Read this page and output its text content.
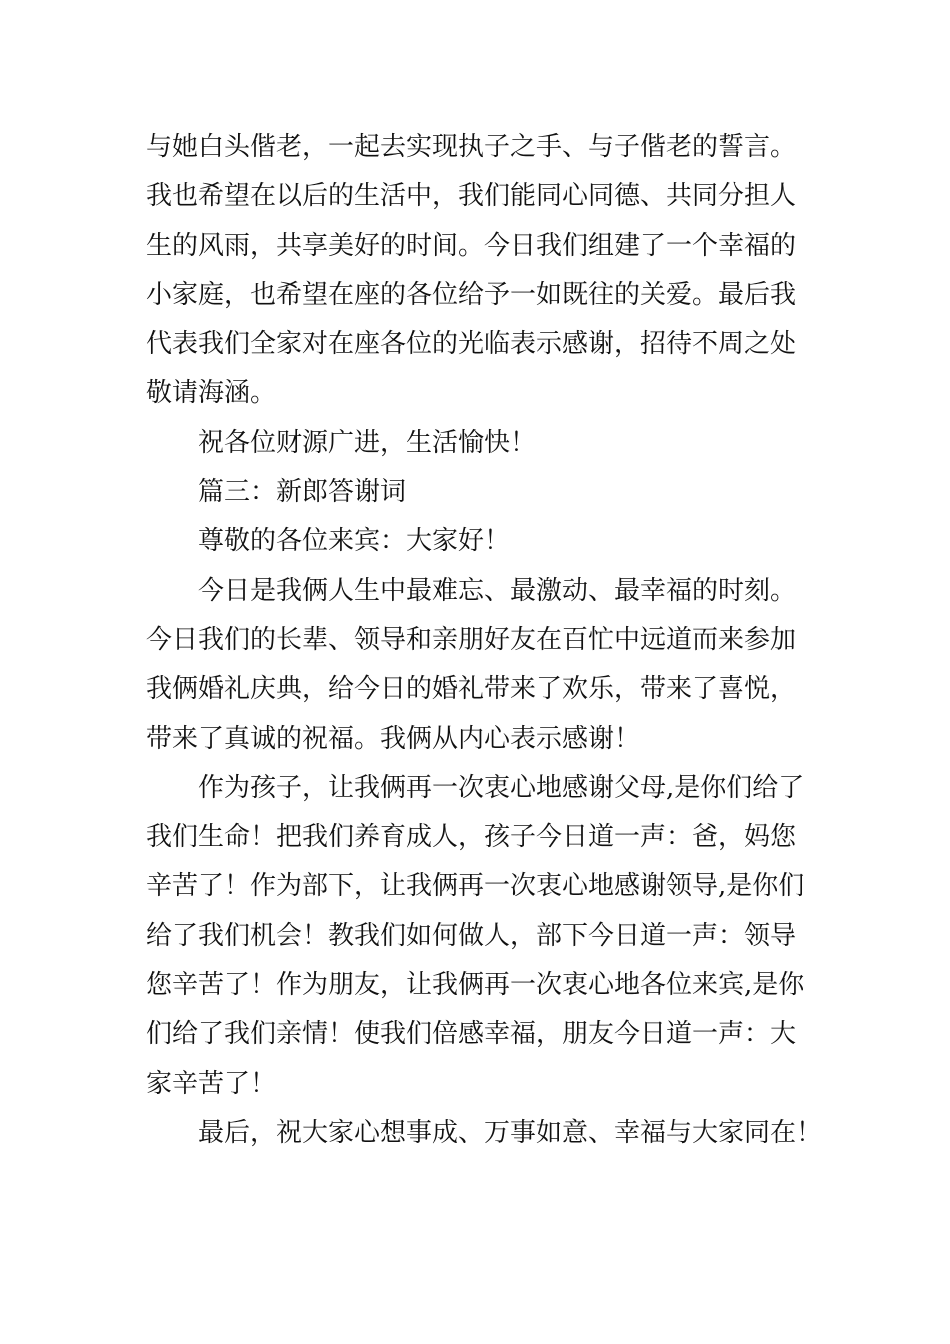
与她白头偕老，一起去实现执子之手、与子偕老的誓言。
我也希望在以后的生活中，我们能同心同德、共同分担人
生的风雨，共享美好的时间。今日我们组建了一个幸福的
小家庭，也希望在座的各位给予一如既往的关爱。最后我
代表我们全家对在座各位的光临表示感谢，招待不周之处
敬请海涵。
祝各位财源广进，生活愉快！
篇三：新郎答谢词
尊敬的各位来宾：大家好！
今日是我俩人生中最难忘、最激动、最幸福的时刻。
今日我们的长辈、领导和亲朋好友在百忙中远道而来参加
我俩婚礼庆典，给今日的婚礼带来了欢乐，带来了喜悦，
带来了真诚的祝福。我俩从内心表示感谢！
作为孩子，让我俩再一次衷心地感谢父母,是你们给了
我们生命！把我们养育成人，孩子今日道一声：爸，妈您
辛苦了！作为部下，让我俩再一次衷心地感谢领导,是你们
给了我们机会！教我们如何做人，部下今日道一声：领导
您辛苦了！作为朋友，让我俩再一次衷心地各位来宾,是你
们给了我们亲情！使我们倍感幸福，朋友今日道一声：大
家辛苦了！
最后，祝大家心想事成、万事如意、幸福与大家同在！
